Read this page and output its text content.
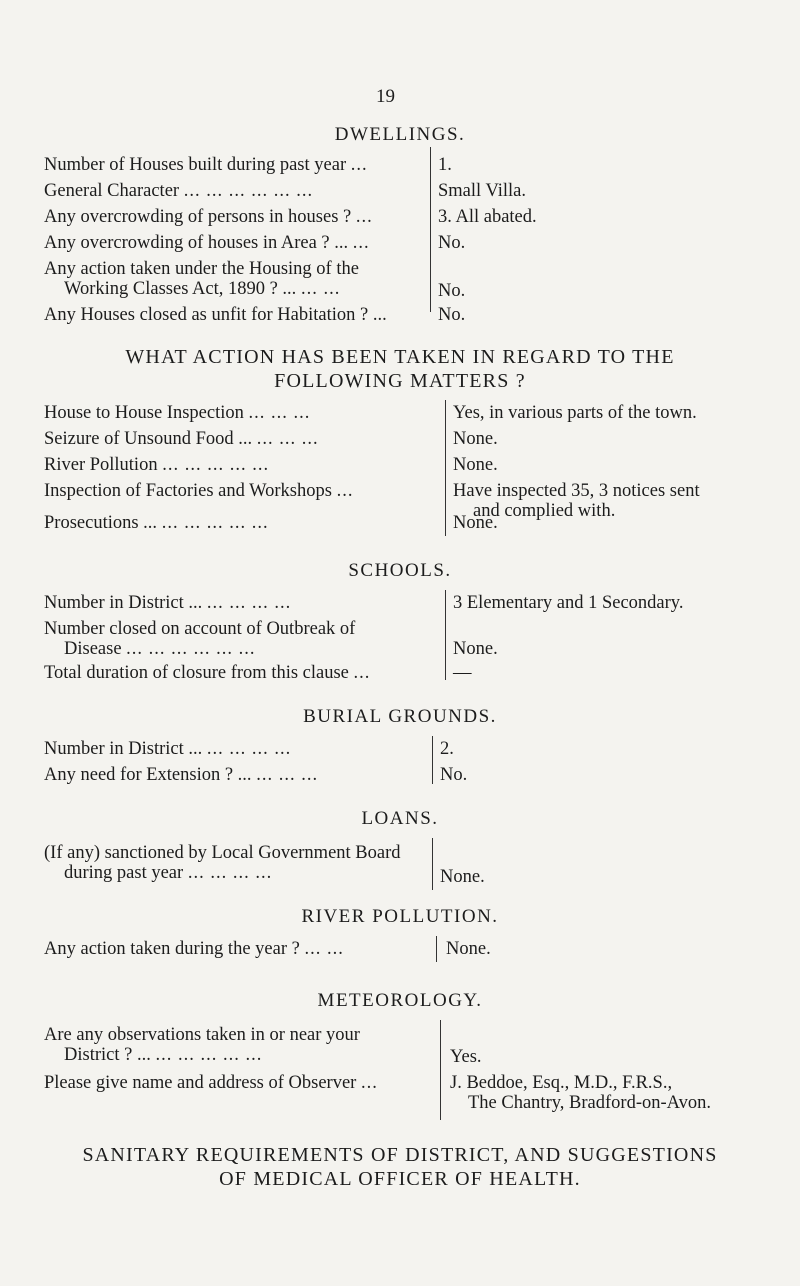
19
DWELLINGS.
Number of Houses built during past year ...	1.
General Character ... ... ... ... ... ...	Small Villa.
Any overcrowding of persons in houses ? ...	3. All abated.
Any overcrowding of houses in Area ? ... ...	No.
Any action taken under the Housing of the
Working Classes Act, 1890 ? ... ... ...	No.
Any Houses closed as unfit for Habitation ? ...	No.
WHAT ACTION HAS BEEN TAKEN IN REGARD TO THE
FOLLOWING MATTERS ?
House to House Inspection ... ... ...	Yes, in various parts of the town.
Seizure of Unsound Food ... ... ... ...	None.
River Pollution ... ... ... ... ...	None.
Inspection of Factories and Workshops ...	Have inspected 35, 3 notices sent
and complied with.
Prosecutions ... ... ... ... ... ...	None.
SCHOOLS.
Number in District ... ... ... ... ...	3 Elementary and 1 Secondary.
Number closed on account of Outbreak of
Disease ... ... ... ... ... ...	None.
Total duration of closure from this clause ...	—
BURIAL GROUNDS.
Number in District ... ... ... ... ...	2.
Any need for Extension ? ... ... ... ...	No.
LOANS.
(If any) sanctioned by Local Government Board
during past year ... ... ... ...	None.
RIVER POLLUTION.
Any action taken during the year ? ... ...	None.
METEOROLOGY.
Are any observations taken in or near your
District ? ... ... ... ... ... ...	Yes.
Please give name and address of Observer ...	J. Beddoe, Esq., M.D., F.R.S.,
The Chantry, Bradford-on-Avon.
SANITARY REQUIREMENTS OF DISTRICT, AND SUGGESTIONS
OF MEDICAL OFFICER OF HEALTH.
